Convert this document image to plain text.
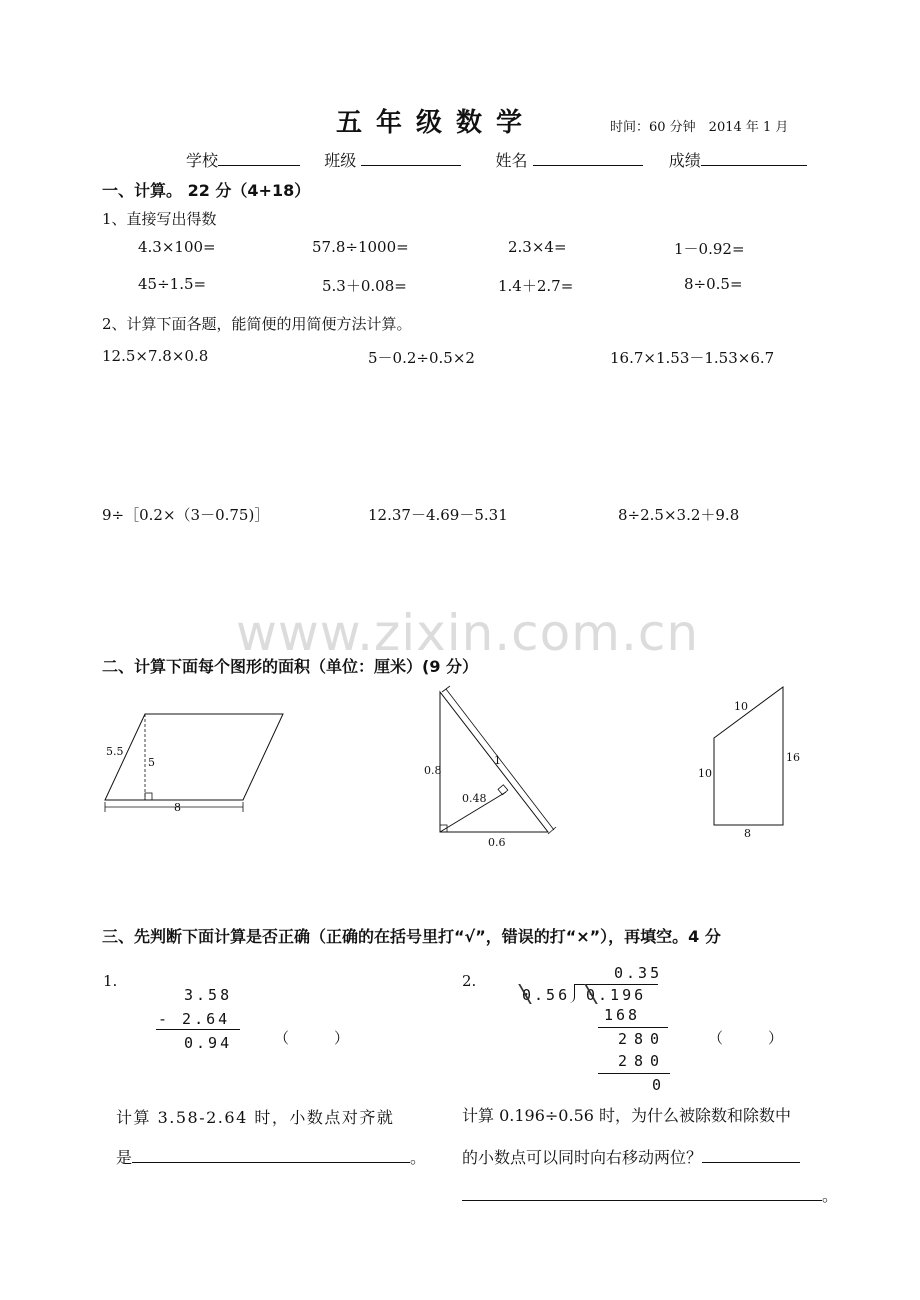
五年级数学	时间：60 分钟　2014 年 1 月
学校	班级	姓名	成绩
一、计算。 22 分（4+18）
1、直接写出得数
4.3×100=	57.8÷1000=	2.3×4=	1－0.92=
45÷1.5=	5.3＋0.08=	1.4＋2.7=	8÷0.5=
2、计算下面各题，能简便的用简便方法计算。
12.5×7.8×0.8	5－0.2÷0.5×2	16.7×1.53－1.53×6.7
9÷［0.2×（3－0.75)］	12.37－4.69－5.31	8÷2.5×3.2＋9.8
www.zixin.com.cn
二、计算下面每个图形的面积（单位：厘米）(9 分）
5.5
5
8
0.8
1
0.48
0.6
10
10
16
8
三、先判断下面计算是否正确（正确的在括号里打“√”，错误的打“×”），再填空。4 分
1.
3.58
- 2.64
0.94	（　　　）
计算 3.58-2.64 时，小数点对齐就
是	。
2.	0.35
0.56 0.196
168
280
280
0
（　　　）
计算 0.196÷0.56 时，为什么被除数和除数中
的小数点可以同时向右移动两位？
。
